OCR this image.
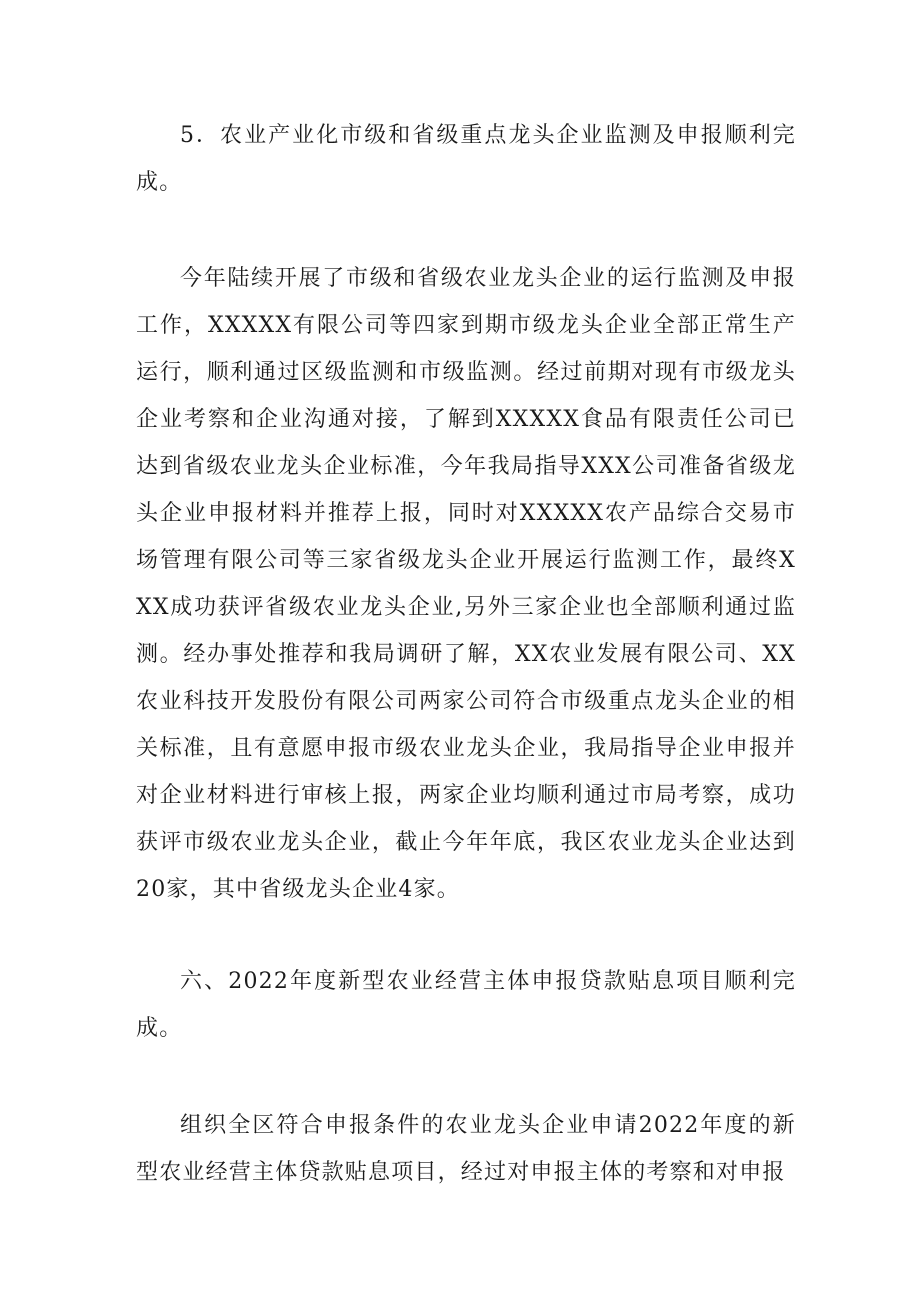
5．农业产业化市级和省级重点龙头企业监测及申报顺利完成。

今年陆续开展了市级和省级农业龙头企业的运行监测及申报工作，XXXXX有限公司等四家到期市级龙头企业全部正常生产运行，顺利通过区级监测和市级监测。经过前期对现有市级龙头企业考察和企业沟通对接，了解到XXXXX食品有限责任公司已达到省级农业龙头企业标准，今年我局指导XXX公司准备省级龙头企业申报材料并推荐上报，同时对XXXXX农产品综合交易市场管理有限公司等三家省级龙头企业开展运行监测工作，最终XXX成功获评省级农业龙头企业,另外三家企业也全部顺利通过监测。经办事处推荐和我局调研了解，XX农业发展有限公司、XX农业科技开发股份有限公司两家公司符合市级重点龙头企业的相关标准，且有意愿申报市级农业龙头企业，我局指导企业申报并对企业材料进行审核上报，两家企业均顺利通过市局考察，成功获评市级农业龙头企业，截止今年年底，我区农业龙头企业达到20家，其中省级龙头企业4家。

六、2022年度新型农业经营主体申报贷款贴息项目顺利完成。

组织全区符合申报条件的农业龙头企业申请2022年度的新型农业经营主体贷款贴息项目，经过对申报主体的考察和对申报
